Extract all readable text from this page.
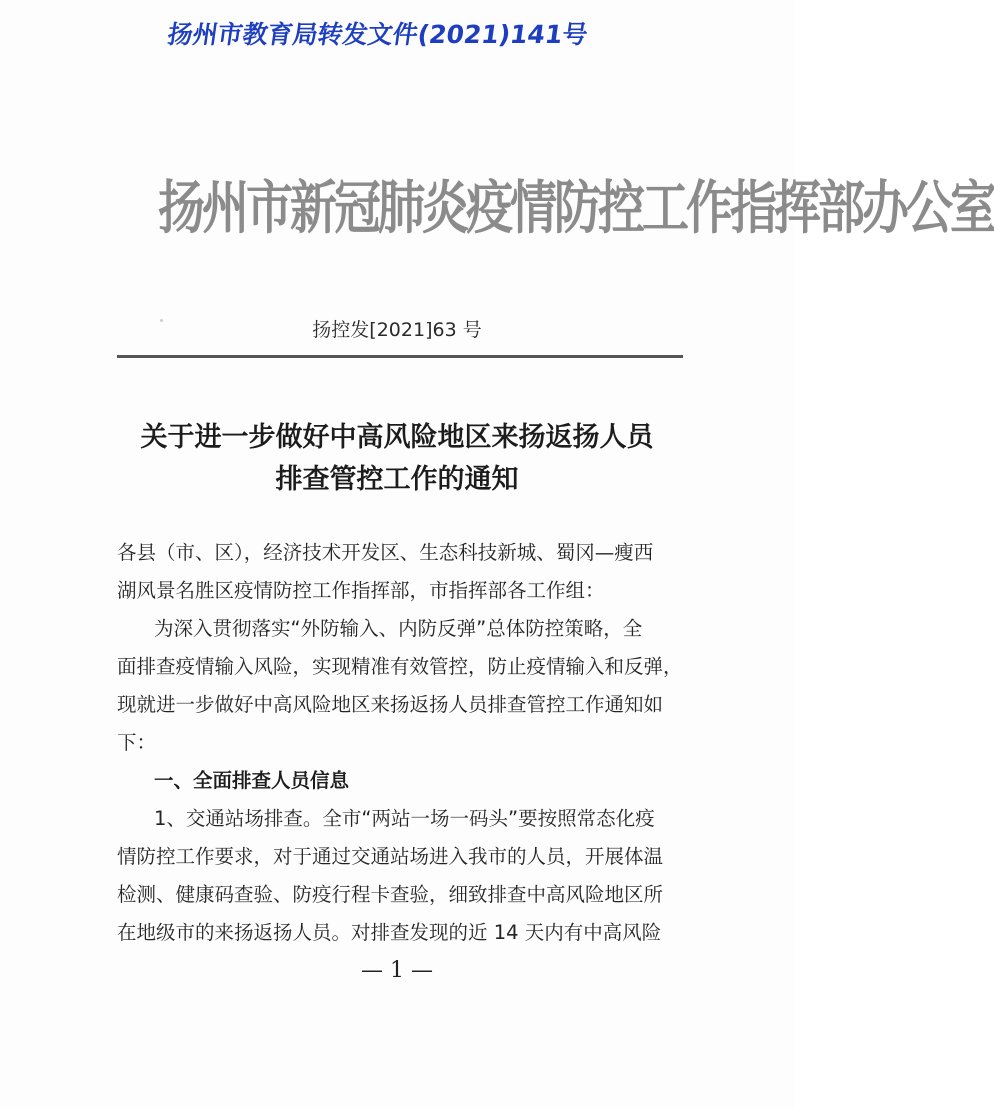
扬州市教育局转发文件(2021)141号
扬州市新冠肺炎疫情防控工作指挥部办公室
扬控发[2021]63 号
关于进一步做好中高风险地区来扬返扬人员
排查管控工作的通知
各县（市、区），经济技术开发区、生态科技新城、蜀冈—瘦西
湖风景名胜区疫情防控工作指挥部，市指挥部各工作组：
为深入贯彻落实“外防输入、内防反弹”总体防控策略，全
面排查疫情输入风险，实现精准有效管控，防止疫情输入和反弹，
现就进一步做好中高风险地区来扬返扬人员排查管控工作通知如
下：
一、全面排查人员信息
1、交通站场排查。全市“两站一场一码头”要按照常态化疫
情防控工作要求，对于通过交通站场进入我市的人员，开展体温
检测、健康码查验、防疫行程卡查验，细致排查中高风险地区所
在地级市的来扬返扬人员。对排查发现的近 14 天内有中高风险
— 1 —
